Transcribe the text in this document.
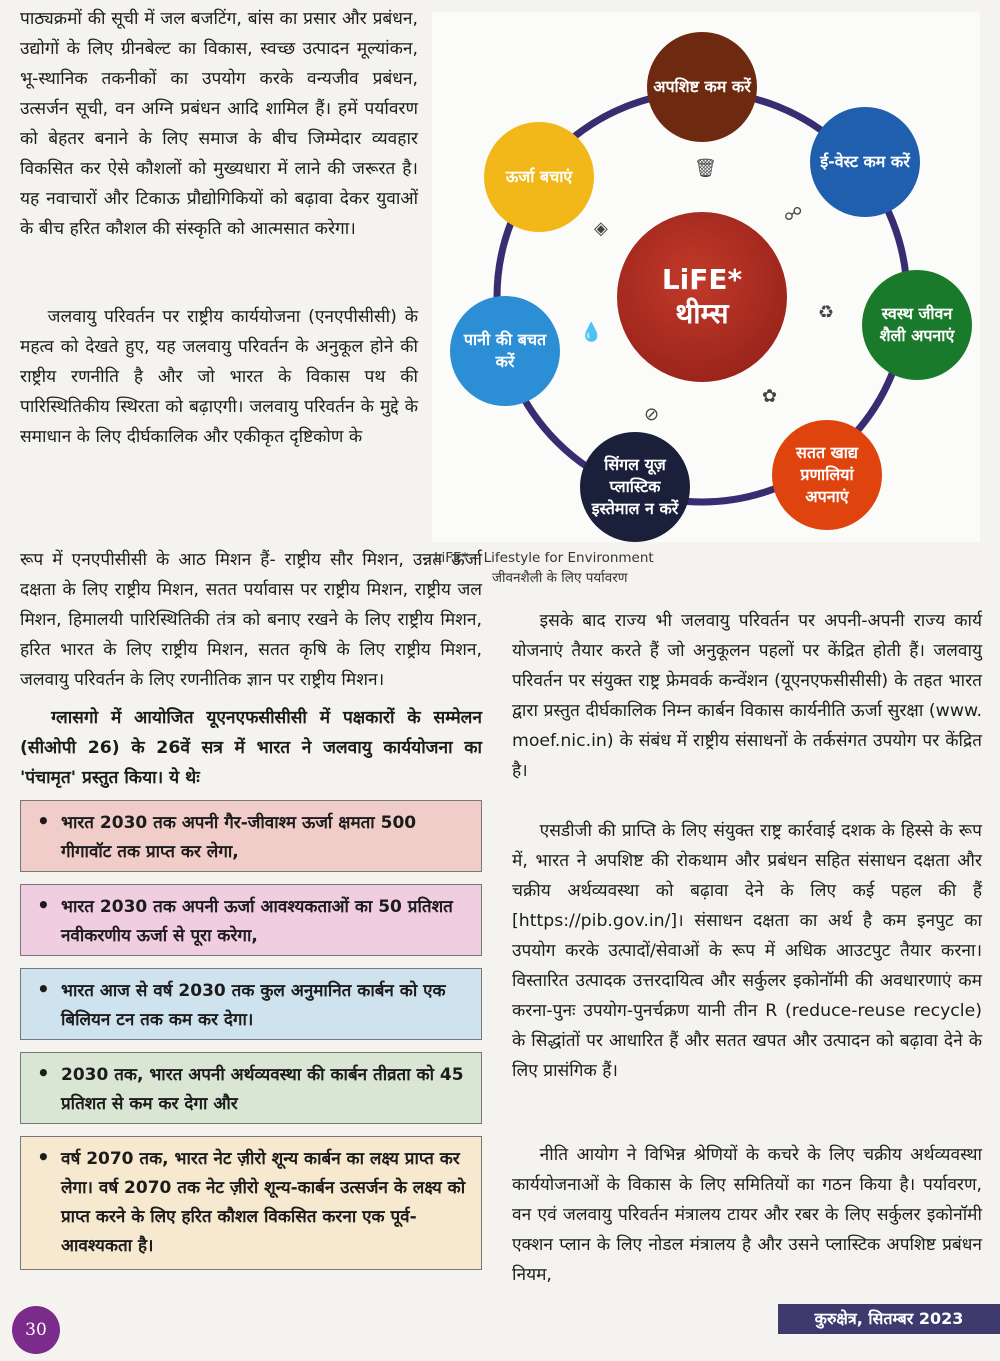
पाठ्यक्रमों की सूची में जल बजटिंग, बांस का प्रसार और प्रबंधन, उद्योगों के लिए ग्रीनबेल्ट का विकास, स्वच्छ उत्पादन मूल्यांकन, भू-स्थानिक तकनीकों का उपयोग करके वन्यजीव प्रबंधन, उत्सर्जन सूची, वन अग्नि प्रबंधन आदि शामिल हैं। हमें पर्यावरण को बेहतर बनाने के लिए समाज के बीच जिम्मेदार व्यवहार विकसित कर ऐसे कौशलों को मुख्यधारा में लाने की जरूरत है। यह नवाचारों और टिकाऊ प्रौद्योगिकियों को बढ़ावा देकर युवाओं के बीच हरित कौशल की संस्कृति को आत्मसात करेगा।

जलवायु परिवर्तन पर राष्ट्रीय कार्ययोजना (एनएपीसीसी) के महत्व को देखते हुए, यह जलवायु परिवर्तन के अनुकूल होने की राष्ट्रीय रणनीति है और जो भारत के विकास पथ की पारिस्थितिकीय स्थिरता को बढ़ाएगी। जलवायु परिवर्तन के मुद्दे के समाधान के लिए दीर्घकालिक और एकीकृत दृष्टिकोण के

रूप में एनएपीसीसी के आठ मिशन हैं- राष्ट्रीय सौर मिशन, उन्नत ऊर्जा दक्षता के लिए राष्ट्रीय मिशन, सतत पर्यावास पर राष्ट्रीय मिशन, राष्ट्रीय जल मिशन, हिमालयी पारिस्थितिकी तंत्र को बनाए रखने के लिए राष्ट्रीय मिशन, हरित भारत के लिए राष्ट्रीय मिशन, सतत कृषि के लिए राष्ट्रीय मिशन, जलवायु परिवर्तन के लिए रणनीतिक ज्ञान पर राष्ट्रीय मिशन।

ग्लासगो में आयोजित यूएनएफसीसीसी में पक्षकारों के सम्मेलन (सीओपी 26) के 26वें सत्र में भारत ने जलवायु कार्ययोजना का 'पंचामृत' प्रस्तुत किया। ये थेः
• भारत 2030 तक अपनी गैर-जीवाश्म ऊर्जा क्षमता 500 गीगावॉट तक प्राप्त कर लेगा,
• भारत 2030 तक अपनी ऊर्जा आवश्यकताओं का 50 प्रतिशत नवीकरणीय ऊर्जा से पूरा करेगा,
• भारत आज से वर्ष 2030 तक कुल अनुमानित कार्बन को एक बिलियन टन तक कम कर देगा।
• 2030 तक, भारत अपनी अर्थव्यवस्था की कार्बन तीव्रता को 45 प्रतिशत से कम कर देगा और
• वर्ष 2070 तक, भारत नेट ज़ीरो शून्य कार्बन का लक्ष्य प्राप्त कर लेगा। वर्ष 2070 तक नेट ज़ीरो शून्य-कार्बन उत्सर्जन के लक्ष्य को प्राप्त करने के लिए हरित कौशल विकसित करना एक पूर्व-आवश्यकता है।
LiFE*
थीम्स
अपशिष्ट कम करें
ई-वेस्ट कम करें
स्वस्थ जीवन शैली अपनाएं
सतत खाद्य प्रणालियां अपनाएं
सिंगल यूज़ प्लास्टिक इस्तेमाल न करें
पानी की बचत करें
ऊर्जा बचाएं	🗑
☍
♻
✿
⊘
💧
◈
LiFE* – Lifestyle for Environment
जीवनशैली के लिए पर्यावरण

इसके बाद राज्य भी जलवायु परिवर्तन पर अपनी-अपनी राज्य कार्य योजनाएं तैयार करते हैं जो अनुकूलन पहलों पर केंद्रित होती हैं। जलवायु परिवर्तन पर संयुक्त राष्ट्र फ्रेमवर्क कन्वेंशन (यूएनएफसीसीसी) के तहत भारत द्वारा प्रस्तुत दीर्घकालिक निम्न कार्बन विकास कार्यनीति ऊर्जा सुरक्षा (www. moef.nic.in) के संबंध में राष्ट्रीय संसाधनों के तर्कसंगत उपयोग पर केंद्रित है।

एसडीजी की प्राप्ति के लिए संयुक्त राष्ट्र कार्रवाई दशक के हिस्से के रूप में, भारत ने अपशिष्ट की रोकथाम और प्रबंधन सहित संसाधन दक्षता और चक्रीय अर्थव्यवस्था को बढ़ावा देने के लिए कई पहल की हैं [https://pib.gov.in/]। संसाधन दक्षता का अर्थ है कम इनपुट का उपयोग करके उत्पादों/सेवाओं के रूप में अधिक आउटपुट तैयार करना। विस्तारित उत्पादक उत्तरदायित्व और सर्कुलर इकोनॉमी की अवधारणाएं कम करना-पुनः उपयोग-पुनर्चक्रण यानी तीन R (reduce-reuse recycle) के सिद्धांतों पर आधारित हैं और सतत खपत और उत्पादन को बढ़ावा देने के लिए प्रासंगिक हैं।

नीति आयोग ने विभिन्न श्रेणियों के कचरे के लिए चक्रीय अर्थव्यवस्था कार्ययोजनाओं के विकास के लिए समितियों का गठन किया है। पर्यावरण, वन एवं जलवायु परिवर्तन मंत्रालय टायर और रबर के लिए सर्कुलर इकोनॉमी एक्शन प्लान के लिए नोडल मंत्रालय है और उसने प्लास्टिक अपशिष्ट प्रबंधन नियम,

30
कुरुक्षेत्र, सितम्बर 2023
